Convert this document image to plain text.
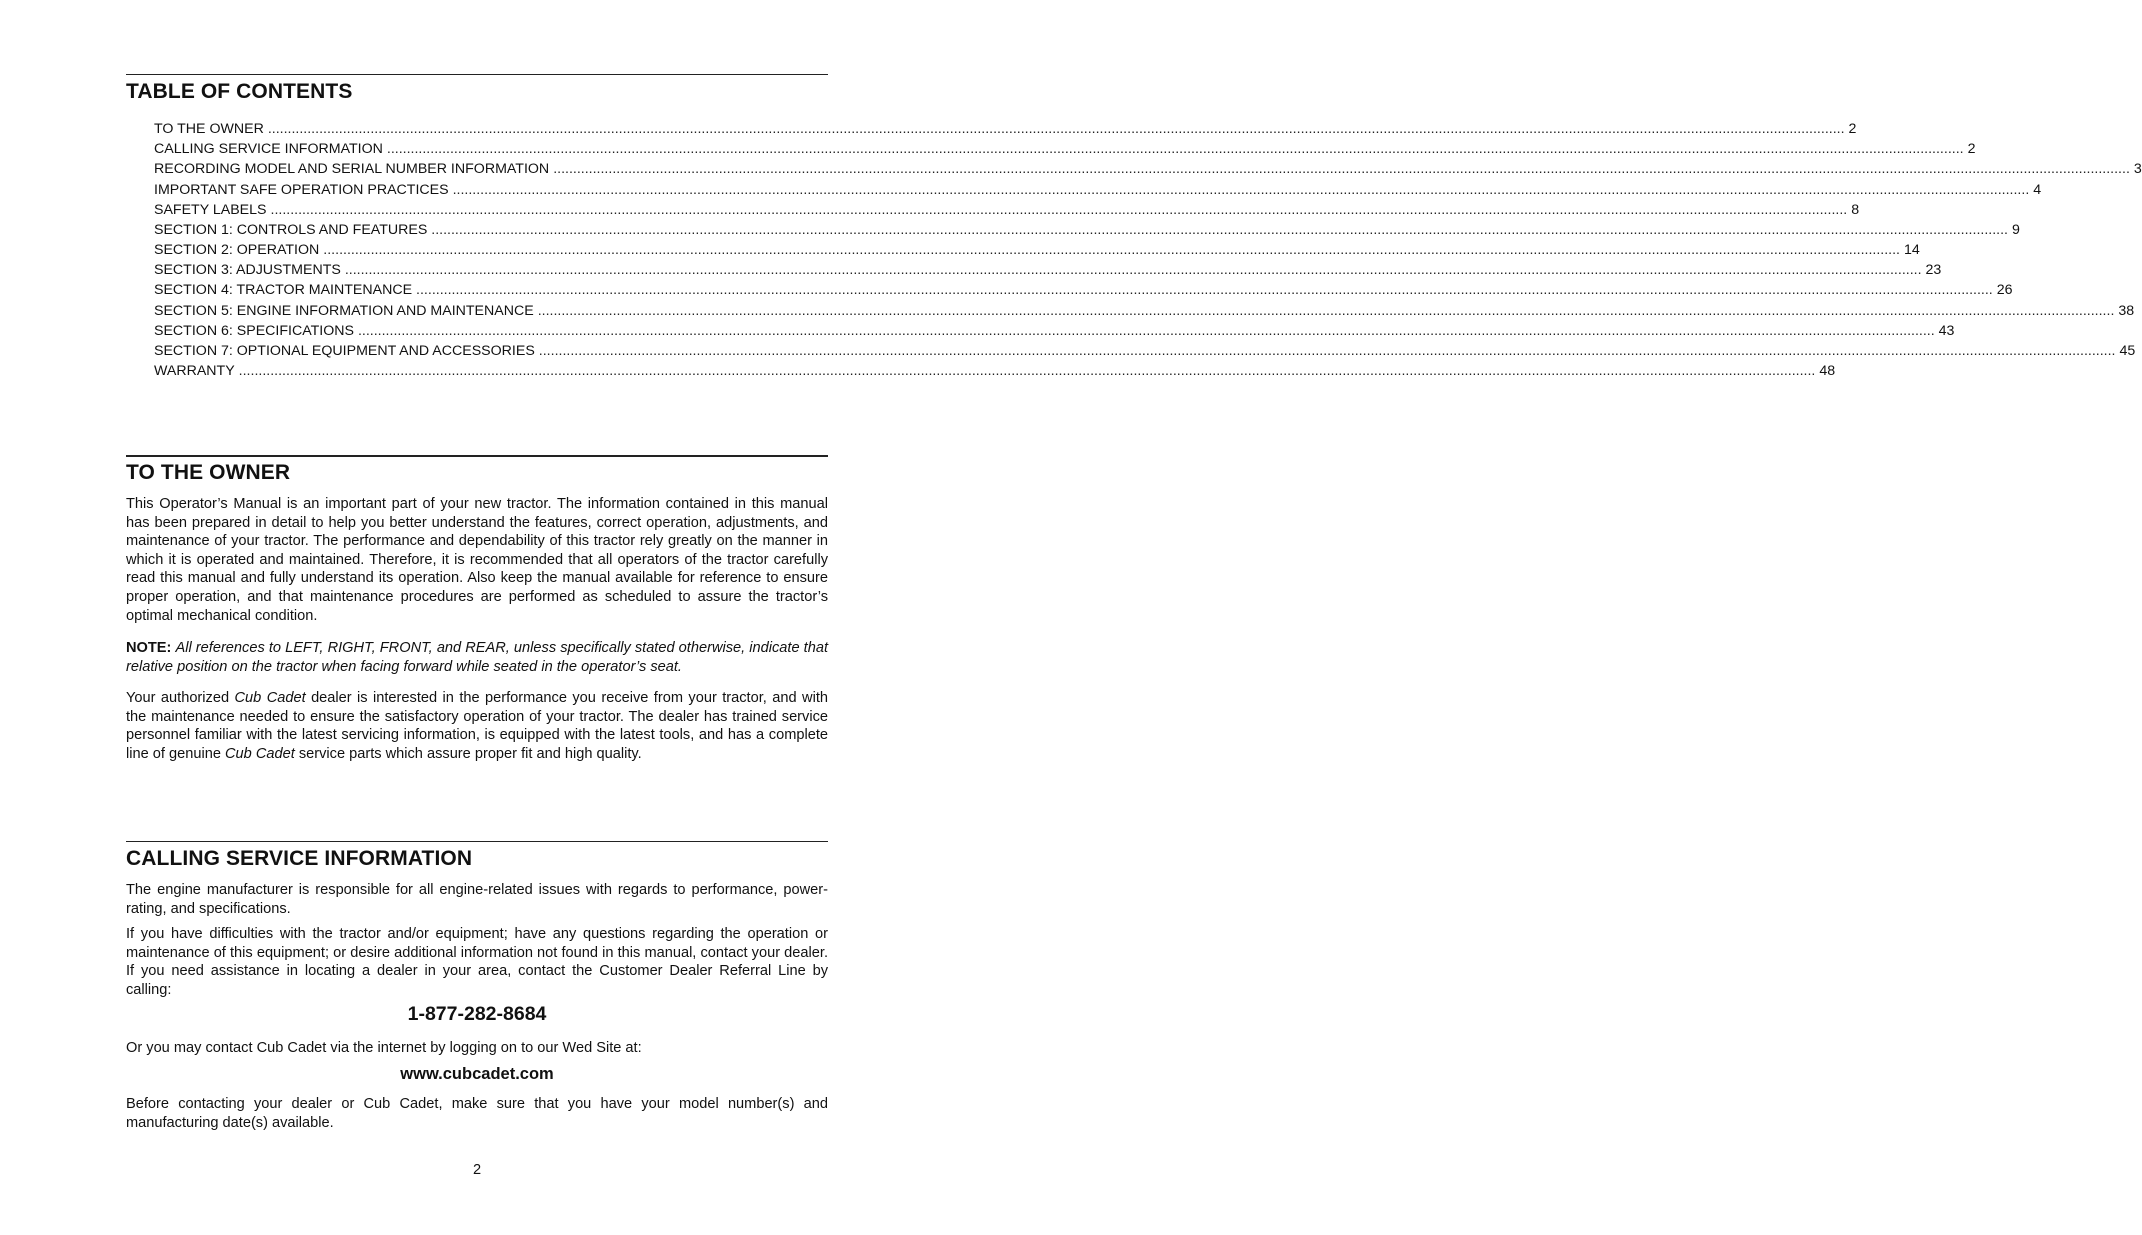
TABLE OF CONTENTS
TO THE OWNER ................................................................................................................................................................................................................................................................................................................................................................................................................ 2
CALLING SERVICE INFORMATION ................................................................................................................................................................................................................................................................................................................................................................................................................ 2
RECORDING MODEL AND SERIAL NUMBER INFORMATION ................................................................................................................................................................................................................................................................................................................................................................................................................ 3
IMPORTANT SAFE OPERATION PRACTICES ................................................................................................................................................................................................................................................................................................................................................................................................................ 4
SAFETY LABELS ................................................................................................................................................................................................................................................................................................................................................................................................................ 8
SECTION 1: CONTROLS AND FEATURES ................................................................................................................................................................................................................................................................................................................................................................................................................ 9
SECTION 2: OPERATION ................................................................................................................................................................................................................................................................................................................................................................................................................ 14
SECTION 3: ADJUSTMENTS ................................................................................................................................................................................................................................................................................................................................................................................................................ 23
SECTION 4: TRACTOR MAINTENANCE ................................................................................................................................................................................................................................................................................................................................................................................................................ 26
SECTION 5: ENGINE INFORMATION AND MAINTENANCE ................................................................................................................................................................................................................................................................................................................................................................................................................ 38
SECTION 6: SPECIFICATIONS ................................................................................................................................................................................................................................................................................................................................................................................................................ 43
SECTION 7: OPTIONAL EQUIPMENT AND ACCESSORIES ................................................................................................................................................................................................................................................................................................................................................................................................................ 45
WARRANTY ................................................................................................................................................................................................................................................................................................................................................................................................................ 48
TO THE OWNER

This Operator’s Manual is an important part of your new tractor. The information contained in this manual has been prepared in detail to help you better understand the features, correct operation, adjustments, and maintenance of your tractor. The performance and dependability of this tractor rely greatly on the manner in which it is operated and maintained. Therefore, it is recommended that all operators of the tractor carefully read this manual and fully understand its operation. Also keep the manual available for reference to ensure proper operation, and that maintenance procedures are performed as scheduled to assure the tractor’s optimal mechanical condition.

NOTE: All references to LEFT, RIGHT, FRONT, and REAR, unless specifically stated otherwise, indicate that relative position on the tractor when facing forward while seated in the operator’s seat.

Your authorized Cub Cadet dealer is interested in the performance you receive from your tractor, and with the maintenance needed to ensure the satisfactory operation of your tractor. The dealer has trained service personnel familiar with the latest servicing information, is equipped with the latest tools, and has a complete line of genuine Cub Cadet service parts which assure proper fit and high quality.

CALLING SERVICE INFORMATION

The engine manufacturer is responsible for all engine-related issues with regards to performance, power-rating, and specifications.

If you have difficulties with the tractor and/or equipment; have any questions regarding the operation or maintenance of this equipment; or desire additional information not found in this manual, contact your dealer. If you need assistance in locating a dealer in your area, contact the Customer Dealer Referral Line by calling:

1-877-282-8684

Or you may contact Cub Cadet via the internet by logging on to our Wed Site at:

www.cubcadet.com

Before contacting your dealer or Cub Cadet, make sure that you have your model number(s) and manufacturing date(s) available.

2
